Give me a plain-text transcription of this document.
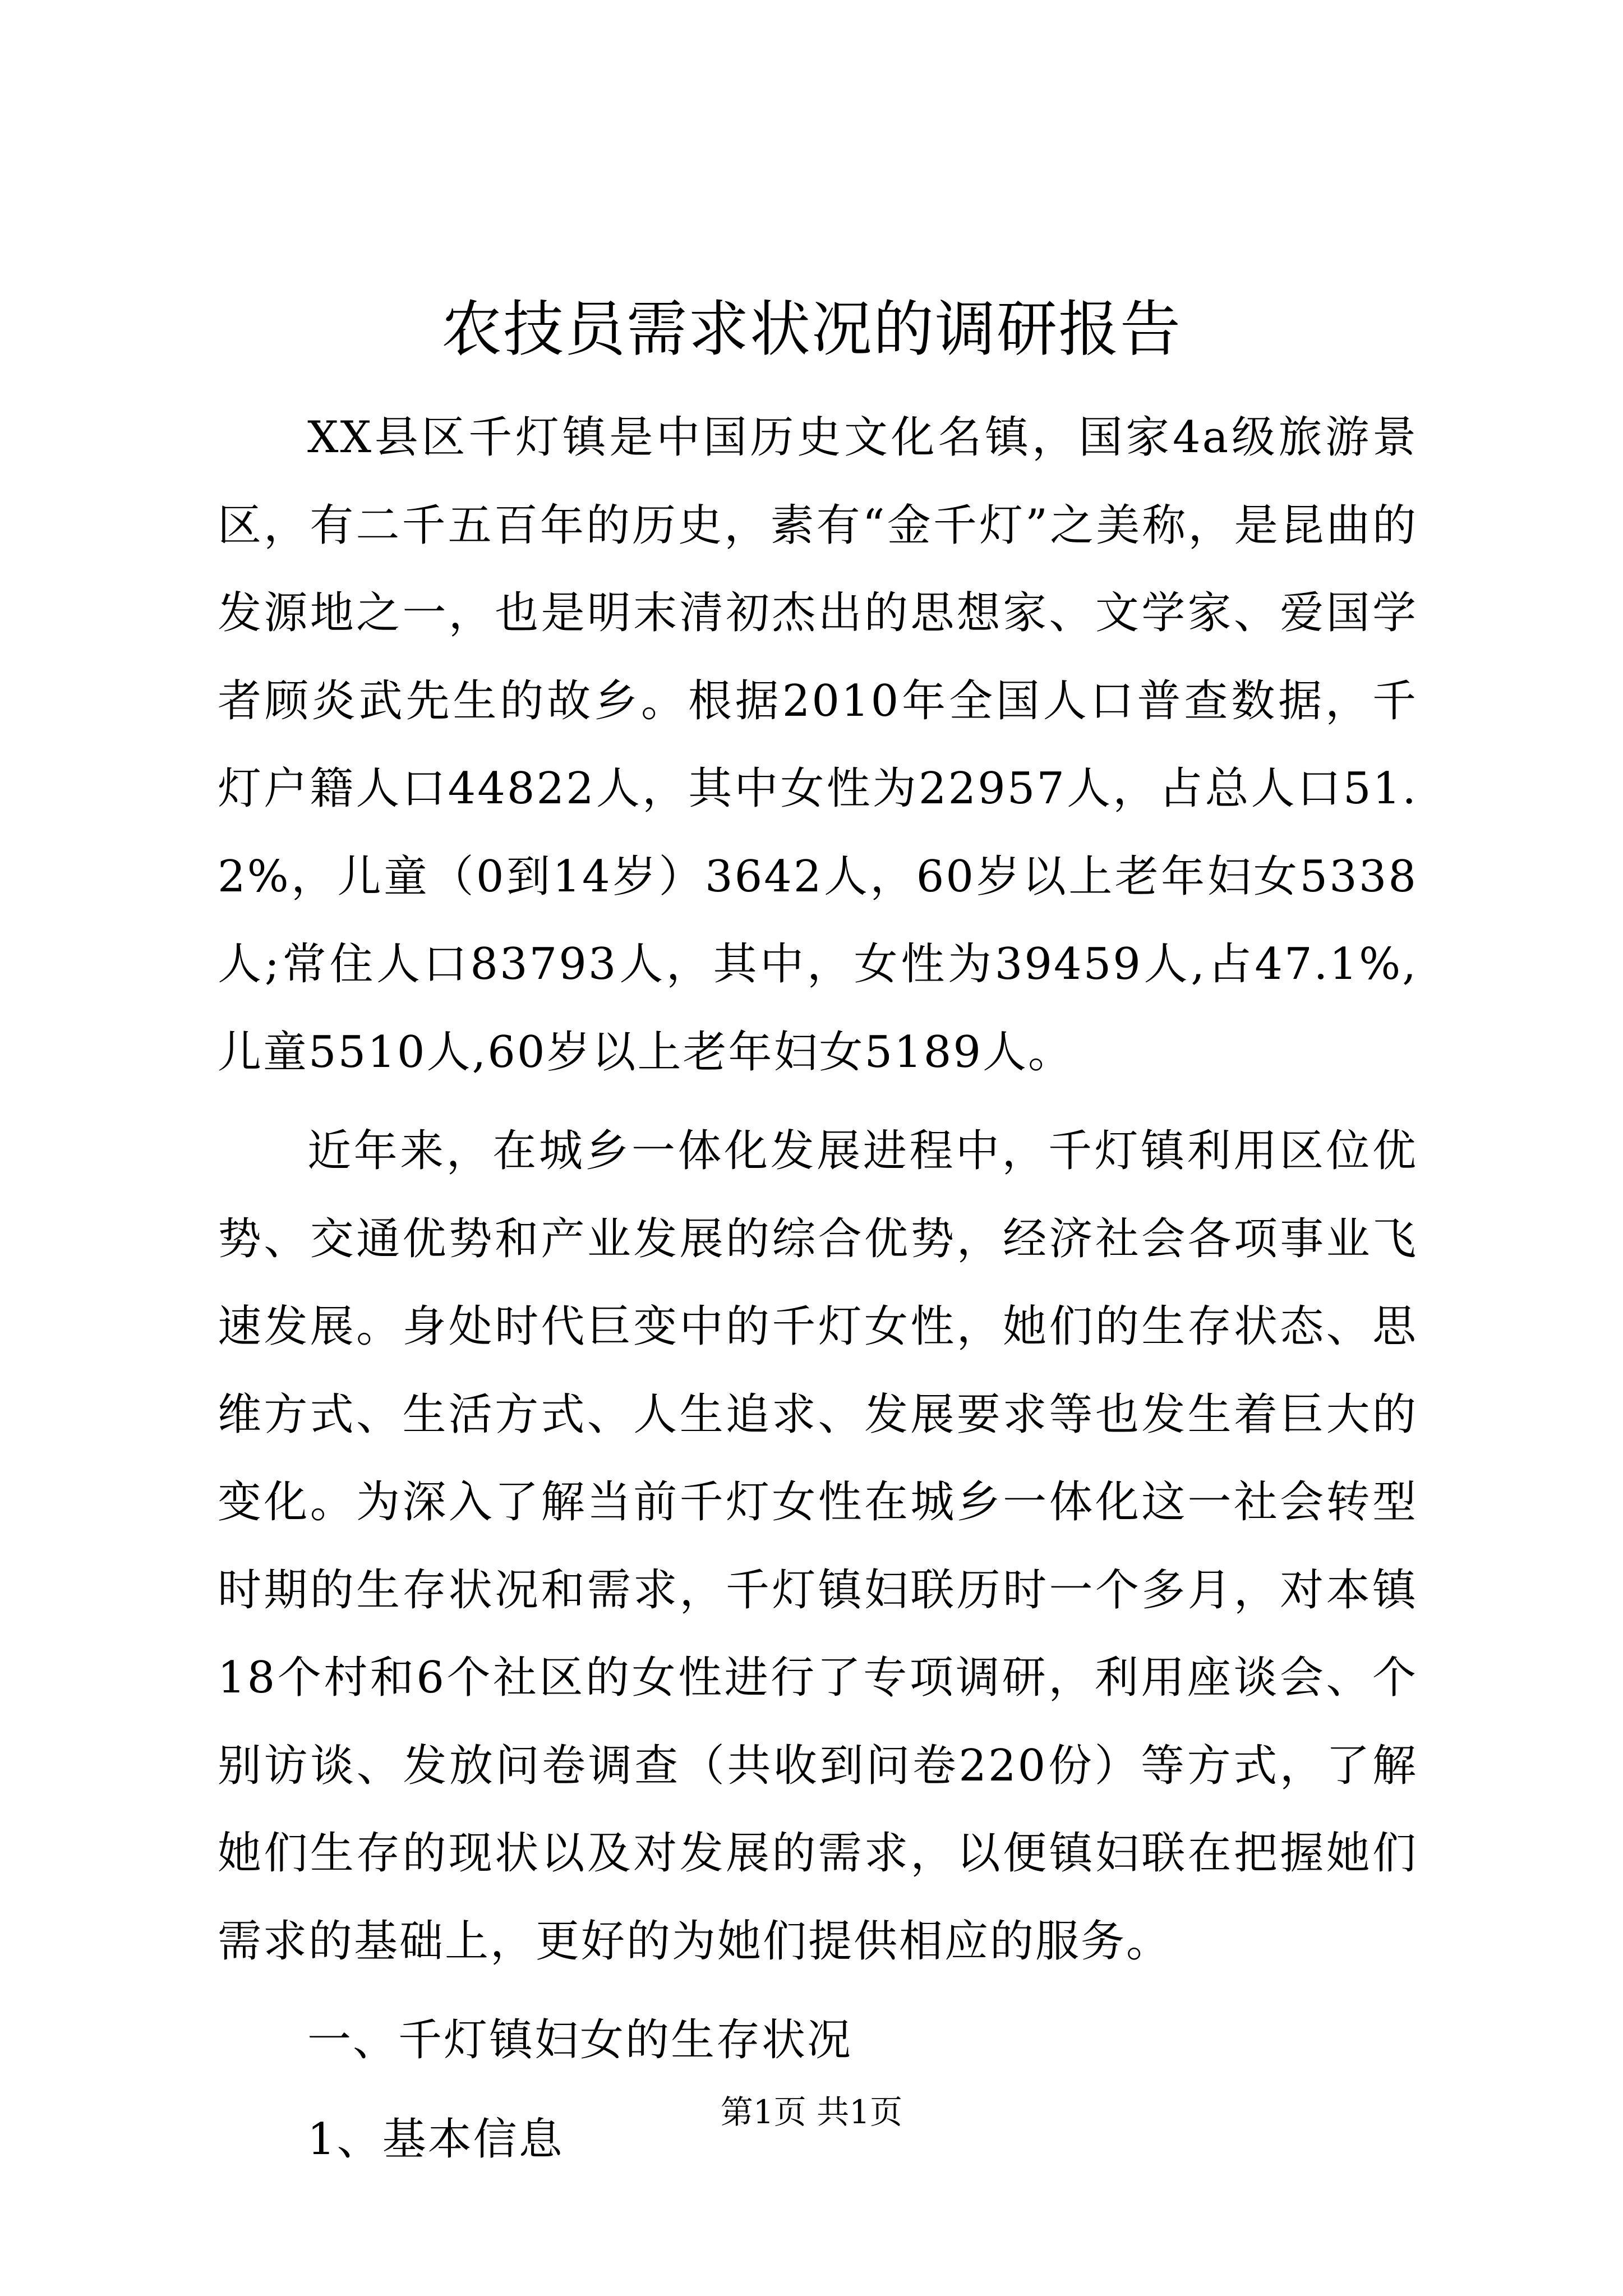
农技员需求状况的调研报告

XX县区千灯镇是中国历史文化名镇，国家4a级旅游景区，有二千五百年的历史，素有“金千灯”之美称，是昆曲的发源地之一，也是明末清初杰出的思想家、文学家、爱国学者顾炎武先生的故乡。根据2010年全国人口普查数据，千灯户籍人口44822人，其中女性为22957人，占总人口51.2%，儿童（0到14岁）3642人，60岁以上老年妇女5338人;常住人口83793人，其中，女性为39459人,占47.1%,儿童5510人,60岁以上老年妇女5189人。

近年来，在城乡一体化发展进程中，千灯镇利用区位优势、交通优势和产业发展的综合优势，经济社会各项事业飞速发展。身处时代巨变中的千灯女性，她们的生存状态、思维方式、生活方式、人生追求、发展要求等也发生着巨大的变化。为深入了解当前千灯女性在城乡一体化这一社会转型时期的生存状况和需求，千灯镇妇联历时一个多月，对本镇18个村和6个社区的女性进行了专项调研，利用座谈会、个别访谈、发放问卷调查（共收到问卷220份）等方式，了解她们生存的现状以及对发展的需求，以便镇妇联在把握她们需求的基础上，更好的为她们提供相应的服务。

一、千灯镇妇女的生存状况

1、基本信息

第1页 共1页
